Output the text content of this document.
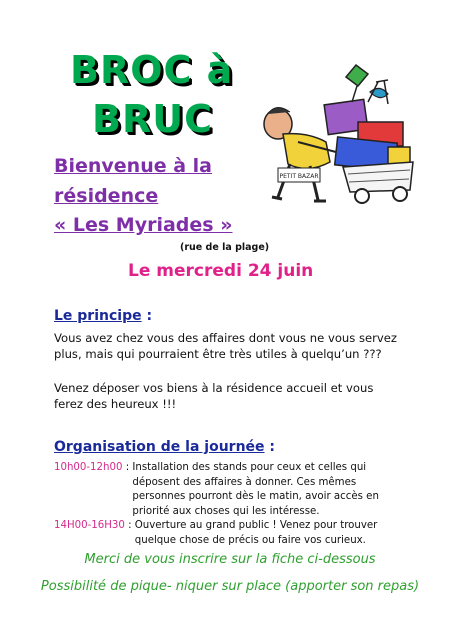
BROC à
BRUC
PETIT BAZAR
Bienvenue à la
résidence
« Les Myriades »
(rue de la plage)
Le mercredi 24 juin
Le principe :
Vous avez chez vous des affaires dont vous ne vous servez plus, mais qui pourraient être très utiles à quelqu’un ???
Venez déposer vos biens à la résidence accueil et vous ferez des heureux !!!
Organisation de la journée :
10h00-12h00 : Installation des stands pour ceux et celles qui déposent des affaires à donner. Ces mêmes personnes pourront dès le matin, avoir accès en priorité aux choses qui les intéresse.
14H00-16H30 : Ouverture au grand public ! Venez pour trouver quelque chose de précis ou faire vos curieux.
Merci de vous inscrire sur la fiche ci-dessous
Possibilité de pique- niquer sur place (apporter son repas)
